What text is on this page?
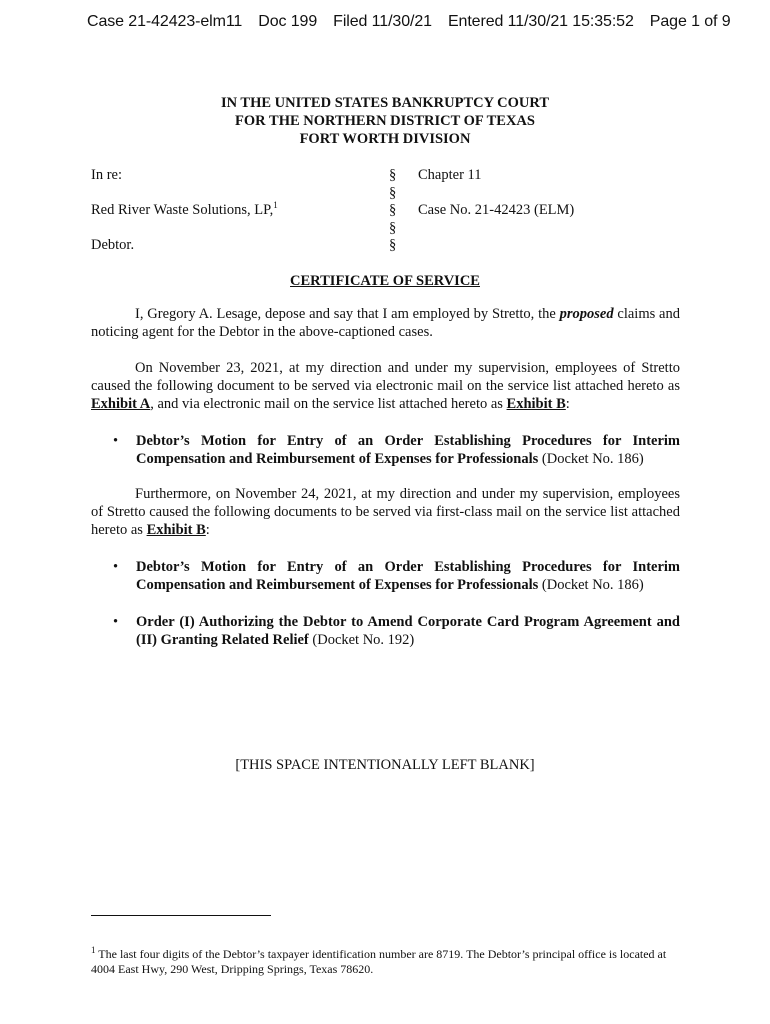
Case 21-42423-elm11 Doc 199 Filed 11/30/21 Entered 11/30/21 15:35:52 Page 1 of 9
IN THE UNITED STATES BANKRUPTCY COURT
FOR THE NORTHERN DISTRICT OF TEXAS
FORT WORTH DIVISION
In re:
Red River Waste Solutions, LP,$^1$
Debtor.
§
§
§
§
§
Chapter 11
Case No. 21-42423 (ELM)
CERTIFICATE OF SERVICE
I, Gregory A. Lesage, depose and say that I am employed by Stretto, the proposed claims and noticing agent for the Debtor in the above-captioned cases.
On November 23, 2021, at my direction and under my supervision, employees of Stretto caused the following document to be served via electronic mail on the service list attached hereto as Exhibit A, and via electronic mail on the service list attached hereto as Exhibit B:
• Debtor’s Motion for Entry of an Order Establishing Procedures for Interim Compensation and Reimbursement of Expenses for Professionals (Docket No. 186)
Furthermore, on November 24, 2021, at my direction and under my supervision, employees of Stretto caused the following documents to be served via first-class mail on the service list attached hereto as Exhibit B:
• Debtor’s Motion for Entry of an Order Establishing Procedures for Interim Compensation and Reimbursement of Expenses for Professionals (Docket No. 186)
• Order (I) Authorizing the Debtor to Amend Corporate Card Program Agreement and (II) Granting Related Relief (Docket No. 192)
[THIS SPACE INTENTIONALLY LEFT BLANK]
$^1$ The last four digits of the Debtor’s taxpayer identification number are 8719. The Debtor’s principal office is located at 4004 East Hwy, 290 West, Dripping Springs, Texas 78620.
